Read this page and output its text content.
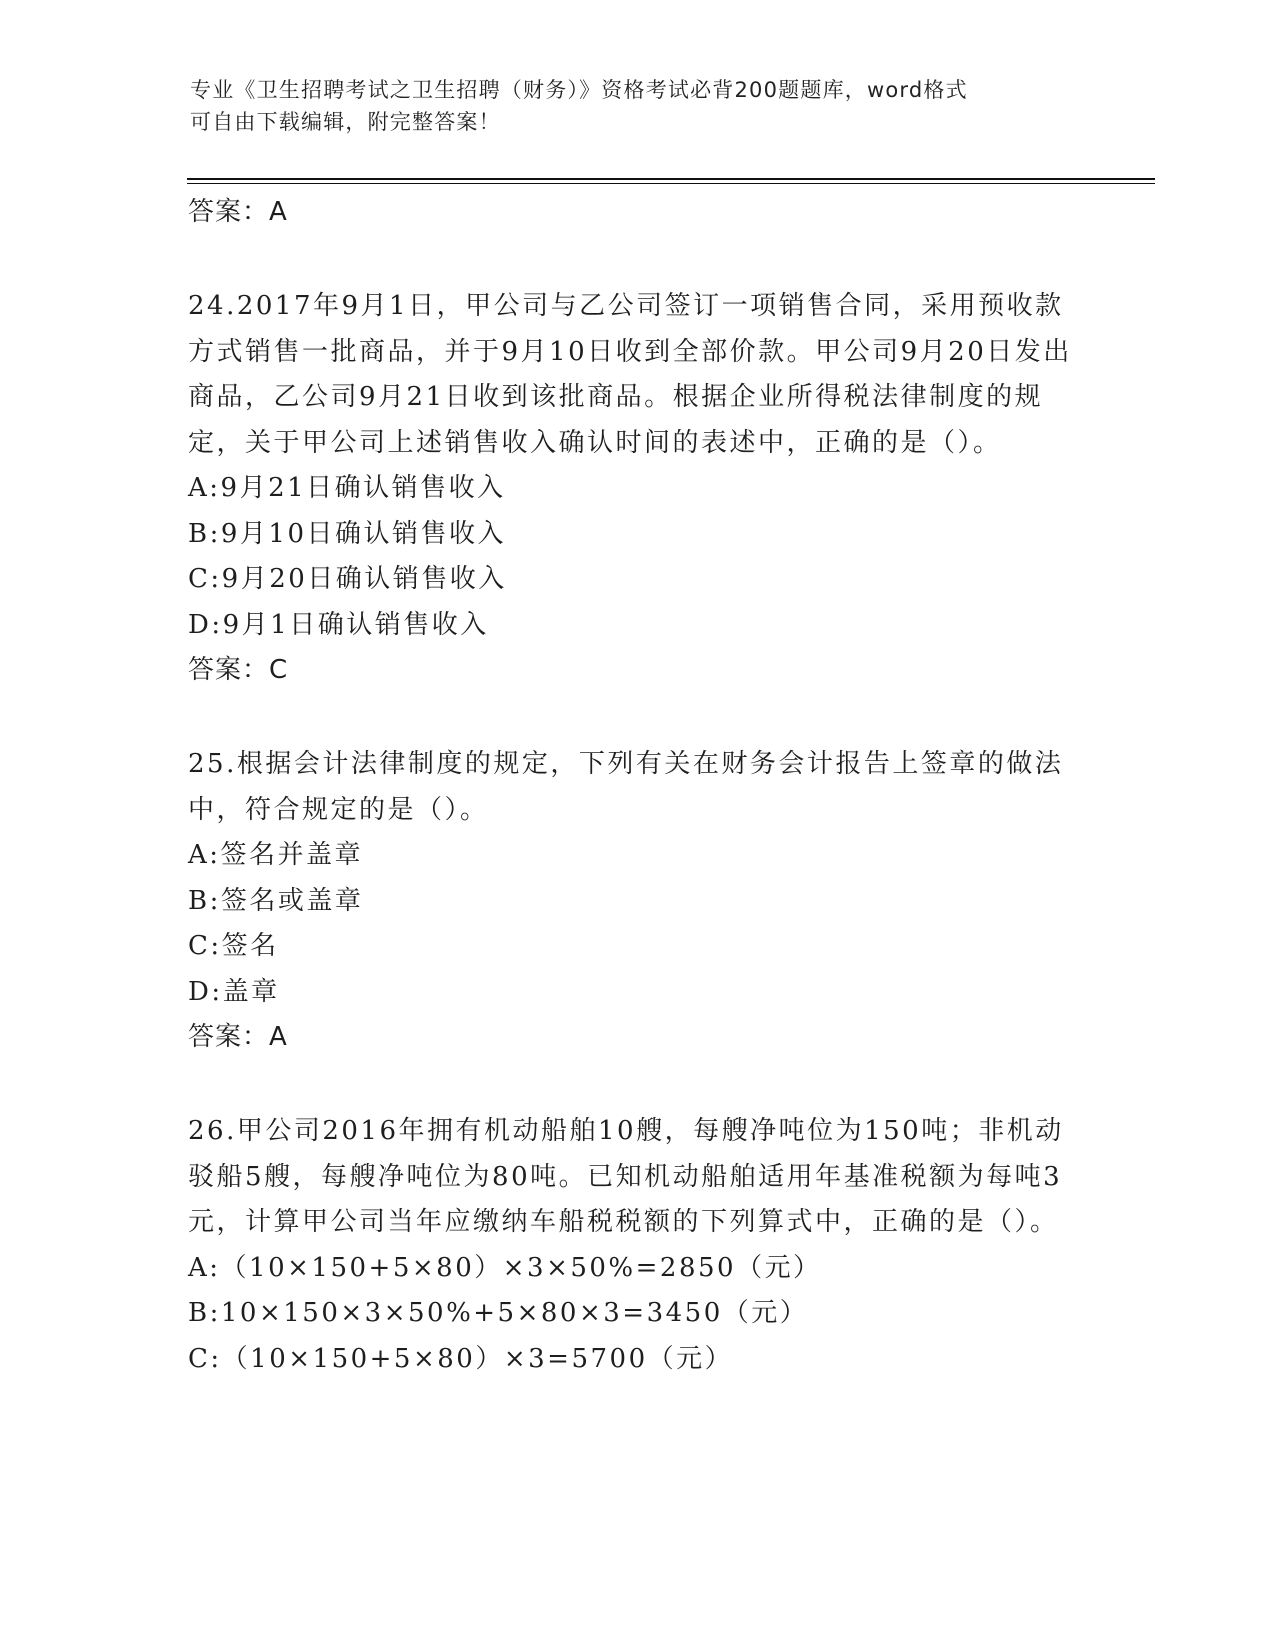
专业《卫生招聘考试之卫生招聘（财务）》资格考试必背200题题库，word格式
可自由下载编辑，附完整答案！
答案：A

24.2017年9月1日，甲公司与乙公司签订一项销售合同，采用预收款方式销售一批商品，并于9月10日收到全部价款。甲公司9月20日发出商品，乙公司9月21日收到该批商品。根据企业所得税法律制度的规定，关于甲公司上述销售收入确认时间的表述中，正确的是（）。

A:9月21日确认销售收入
B:9月10日确认销售收入
C:9月20日确认销售收入
D:9月1日确认销售收入
答案：C

25.根据会计法律制度的规定，下列有关在财务会计报告上签章的做法中，符合规定的是（）。

A:签名并盖章
B:签名或盖章
C:签名
D:盖章
答案：A

26.甲公司2016年拥有机动船舶10艘，每艘净吨位为150吨；非机动驳船5艘，每艘净吨位为80吨。已知机动船舶适用年基准税额为每吨3元，计算甲公司当年应缴纳车船税税额的下列算式中，正确的是（）。

A:（10×150+5×80）×3×50%=2850（元）
B:10×150×3×50%+5×80×3=3450（元）
C:（10×150+5×80）×3=5700（元）
